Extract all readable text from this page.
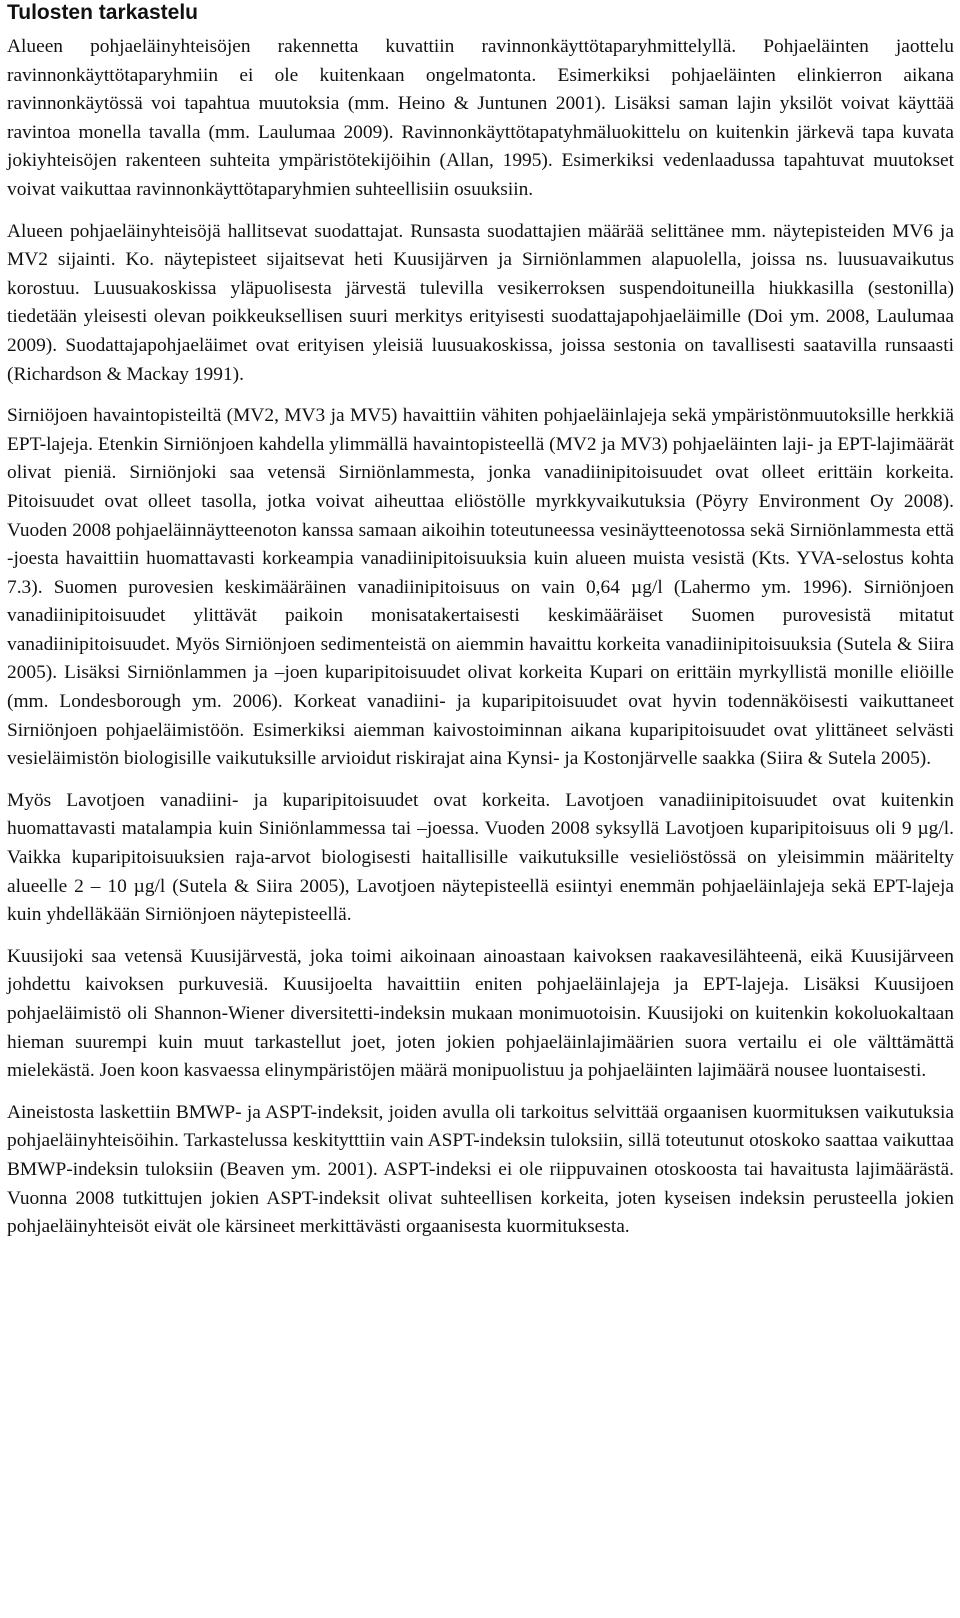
Tulosten tarkastelu

Alueen pohjaeläinyhteisöjen rakennetta kuvattiin ravinnonkäyttötaparyhmittelyllä. Pohjaeläinten jaottelu ravinnonkäyttötaparyhmiin ei ole kuitenkaan ongelmatonta. Esimerkiksi pohjaeläinten elinkierron aikana ravinnonkäytössä voi tapahtua muutoksia (mm. Heino & Juntunen 2001). Lisäksi saman lajin yksilöt voivat käyttää ravintoa monella tavalla (mm. Laulumaa 2009). Ravinnonkäyttötapatyhmäluokittelu on kuitenkin järkevä tapa kuvata jokiyhteisöjen rakenteen suhteita ympäristötekijöihin (Allan, 1995). Esimerkiksi vedenlaadussa tapahtuvat muutokset voivat vaikuttaa ravinnonkäyttötaparyhmien suhteellisiin osuuksiin.

Alueen pohjaeläinyhteisöjä hallitsevat suodattajat. Runsasta suodattajien määrää selittänee mm. näytepisteiden MV6 ja MV2 sijainti. Ko. näytepisteet sijaitsevat heti Kuusijärven ja Sirniönlammen alapuolella, joissa ns. luusuavaikutus korostuu. Luusuakoskissa yläpuolisesta järvestä tulevilla vesikerroksen suspendoituneilla hiukkasilla (sestonilla) tiedetään yleisesti olevan poikkeuksellisen suuri merkitys erityisesti suodattajapohjaeläimille (Doi ym. 2008, Laulumaa 2009). Suodattajapohjaeläimet ovat erityisen yleisiä luusuakoskissa, joissa sestonia on tavallisesti saatavilla runsaasti (Richardson & Mackay 1991).

Sirniöjoen havaintopisteiltä (MV2, MV3 ja MV5) havaittiin vähiten pohjaeläinlajeja sekä ympäristönmuutoksille herkkiä EPT-lajeja. Etenkin Sirniönjoen kahdella ylimmällä havaintopisteellä (MV2 ja MV3) pohjaeläinten laji- ja EPT-lajimäärät olivat pieniä. Sirniönjoki saa vetensä Sirniönlammesta, jonka vanadiinipitoisuudet ovat olleet erittäin korkeita. Pitoisuudet ovat olleet tasolla, jotka voivat aiheuttaa eliöstölle myrkkyvaikutuksia (Pöyry Environment Oy 2008). Vuoden 2008 pohjaeläinnäytteenoton kanssa samaan aikoihin toteutuneessa vesinäytteenotossa sekä Sirniönlammesta että -joesta havaittiin huomattavasti korkeampia vanadiinipitoisuuksia kuin alueen muista vesistä (Kts. YVA-selostus kohta 7.3). Suomen purovesien keskimääräinen vanadiinipitoisuus on vain 0,64 µg/l (Lahermo ym. 1996). Sirniönjoen vanadiinipitoisuudet ylittävät paikoin monisatakertaisesti keskimääräiset Suomen purovesistä mitatut vanadiinipitoisuudet. Myös Sirniönjoen sedimenteistä on aiemmin havaittu korkeita vanadiinipitoisuuksia (Sutela & Siira 2005). Lisäksi Sirniönlammen ja –joen kuparipitoisuudet olivat korkeita Kupari on erittäin myrkyllistä monille eliöille (mm. Londesborough ym. 2006). Korkeat vanadiini- ja kuparipitoisuudet ovat hyvin todennäköisesti vaikuttaneet Sirniönjoen pohjaeläimistöön. Esimerkiksi aiemman kaivostoiminnan aikana kuparipitoisuudet ovat ylittäneet selvästi vesieläimistön biologisille vaikutuksille arvioidut riskirajat aina Kynsi- ja Kostonjärvelle saakka (Siira & Sutela 2005).

Myös Lavotjoen vanadiini- ja kuparipitoisuudet ovat korkeita. Lavotjoen vanadiinipitoisuudet ovat kuitenkin huomattavasti matalampia kuin Siniönlammessa tai –joessa. Vuoden 2008 syksyllä Lavotjoen kuparipitoisuus oli 9 µg/l. Vaikka kuparipitoisuuksien raja-arvot biologisesti haitallisille vaikutuksille vesieliöstössä on yleisimmin määritelty alueelle 2 – 10 µg/l (Sutela & Siira 2005), Lavotjoen näytepisteellä esiintyi enemmän pohjaeläinlajeja sekä EPT-lajeja kuin yhdelläkään Sirniönjoen näytepisteellä.

Kuusijoki saa vetensä Kuusijärvestä, joka toimi aikoinaan ainoastaan kaivoksen raakavesilähteenä, eikä Kuusijärveen johdettu kaivoksen purkuvesiä. Kuusijoelta havaittiin eniten pohjaeläinlajeja ja EPT-lajeja. Lisäksi Kuusijoen pohjaeläimistö oli Shannon-Wiener diversitetti-indeksin mukaan monimuotoisin. Kuusijoki on kuitenkin kokoluokaltaan hieman suurempi kuin muut tarkastellut joet, joten jokien pohjaeläinlajimäärien suora vertailu ei ole välttämättä mielekästä. Joen koon kasvaessa elinympäristöjen määrä monipuolistuu ja pohjaeläinten lajimäärä nousee luontaisesti.

Aineistosta laskettiin BMWP- ja ASPT-indeksit, joiden avulla oli tarkoitus selvittää orgaanisen kuormituksen vaikutuksia pohjaeläinyhteisöihin. Tarkastelussa keskitytttiin vain ASPT-indeksin tuloksiin, sillä toteutunut otoskoko saattaa vaikuttaa BMWP-indeksin tuloksiin (Beaven ym. 2001). ASPT-indeksi ei ole riippuvainen otoskoosta tai havaitusta lajimäärästä. Vuonna 2008 tutkittujen jokien ASPT-indeksit olivat suhteellisen korkeita, joten kyseisen indeksin perusteella jokien pohjaeläinyhteisöt eivät ole kärsineet merkittävästi orgaanisesta kuormituksesta.
